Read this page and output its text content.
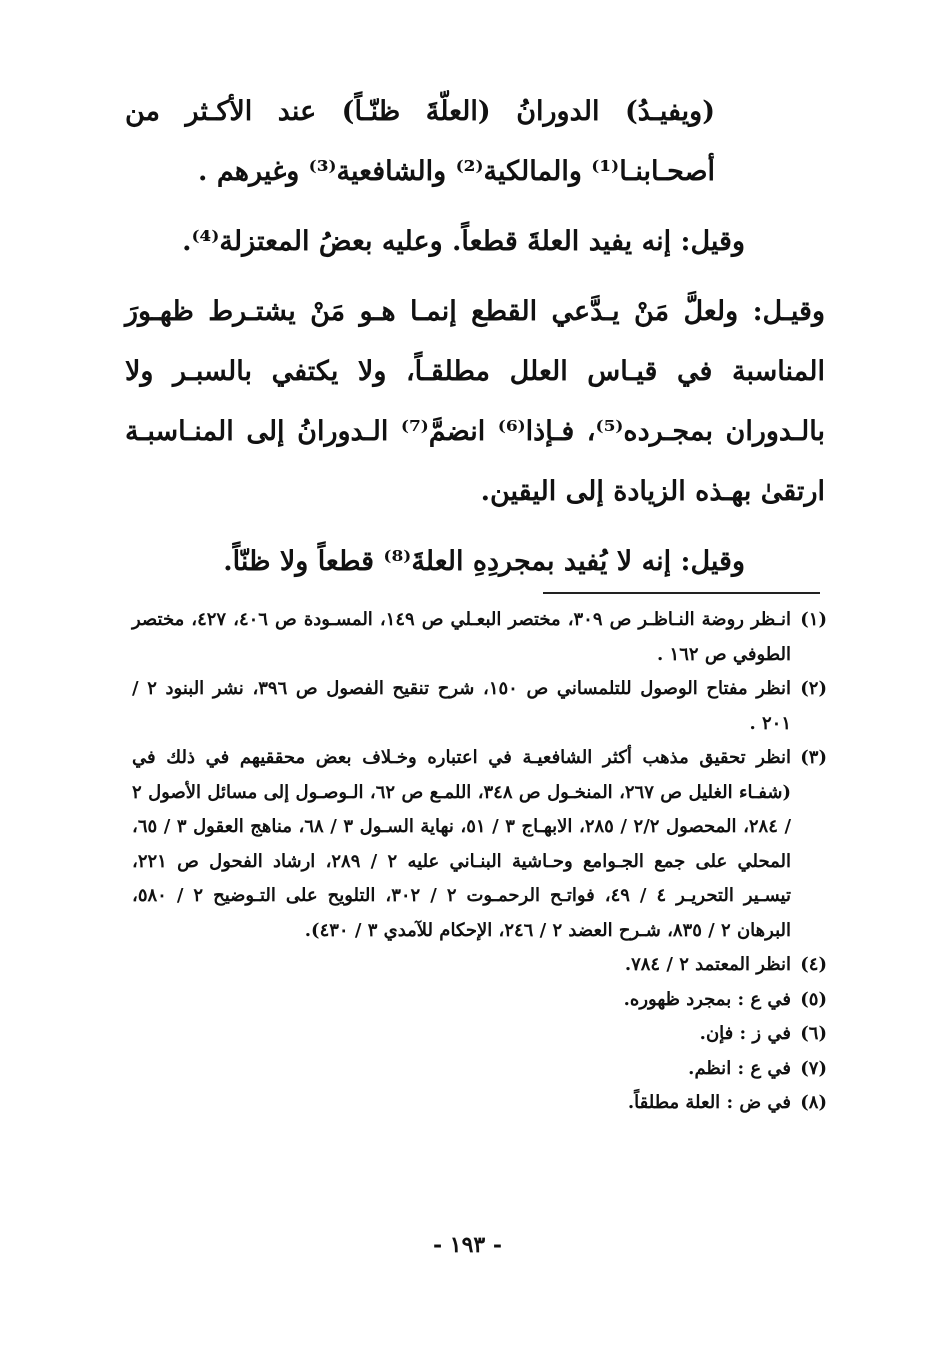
(ويفيـدُ) الدورانُ (العلّةَ ظنّـاً) عند الأكـثر من أصحـابنـا⁽¹⁾ والمالكية⁽²⁾ والشافعية⁽³⁾ وغيرهم .

وقيل: إنه يفيد العلةَ قطعاً. وعليه بعضُ المعتزلة⁽⁴⁾.

وقيـل: ولعلَّ مَنْ يـدَّعي القطع إنمـا هـو مَنْ يشتـرط ظهـورَ المناسبة في قيـاس العلل مطلقـاً، ولا يكتفي بالسبـر ولا بالـدوران بمجـرده⁽⁵⁾، فـإذا⁽⁶⁾ انضمَّ⁽⁷⁾ الـدورانُ إلى المنـاسبـة ارتقىٰ بهـذه الزيادة إلى اليقين.

وقيل: إنه لا يُفيد بمجردِهِ العلةَ⁽⁸⁾ قطعاً ولا ظنّاً.

(١)
انـظر روضة النـاظـر ص ٣٠٩، مختصر البعـلي ص ١٤٩، المسـودة ص ٤٠٦، ٤٢٧، مختصر الطوفي ص ١٦٢ .
(٢)
انظر مفتاح الوصول للتلمساني ص ١٥٠، شرح تنقيح الفصول ص ٣٩٦، نشر البنود ٢ / ٢٠١ .
(٣)
انظر تحقيق مذهب أكثر الشافعيـة في اعتباره وخـلاف بعض محققيهم في ذلك في (شفـاء الغليل ص ٢٦٧، المنخـول ص ٣٤٨، اللمـع ص ٦٢، الـوصـول إلى مسائل الأصول ٢ / ٢٨٤، المحصول ٢/٢ / ٢٨٥، الابهـاج ٣ / ٥١، نهاية السـول ٣ / ٦٨، مناهج العقول ٣ / ٦٥، المحلي على جمع الجـوامع وحـاشية البنـاني عليه ٢ / ٢٨٩، ارشاد الفحول ص ٢٢١، تيسـير التحريـر ٤ / ٤٩، فواتـح الرحمـوت ٢ / ٣٠٢، التلويح على التـوضيح ٢ / ٥٨٠، البرهان ٢ / ٨٣٥، شـرح العضد ٢ / ٢٤٦، الإحكام للآمدي ٣ / ٤٣٠).
(٤)
انظر المعتمد ٢ / ٧٨٤.
(٥)
في ع : بمجرد ظهوره.
(٦)
في ز : فإن.
(٧)
في ع : انظم.
(٨)
في ض : العلة مطلقاً.
- ١٩٣ -
